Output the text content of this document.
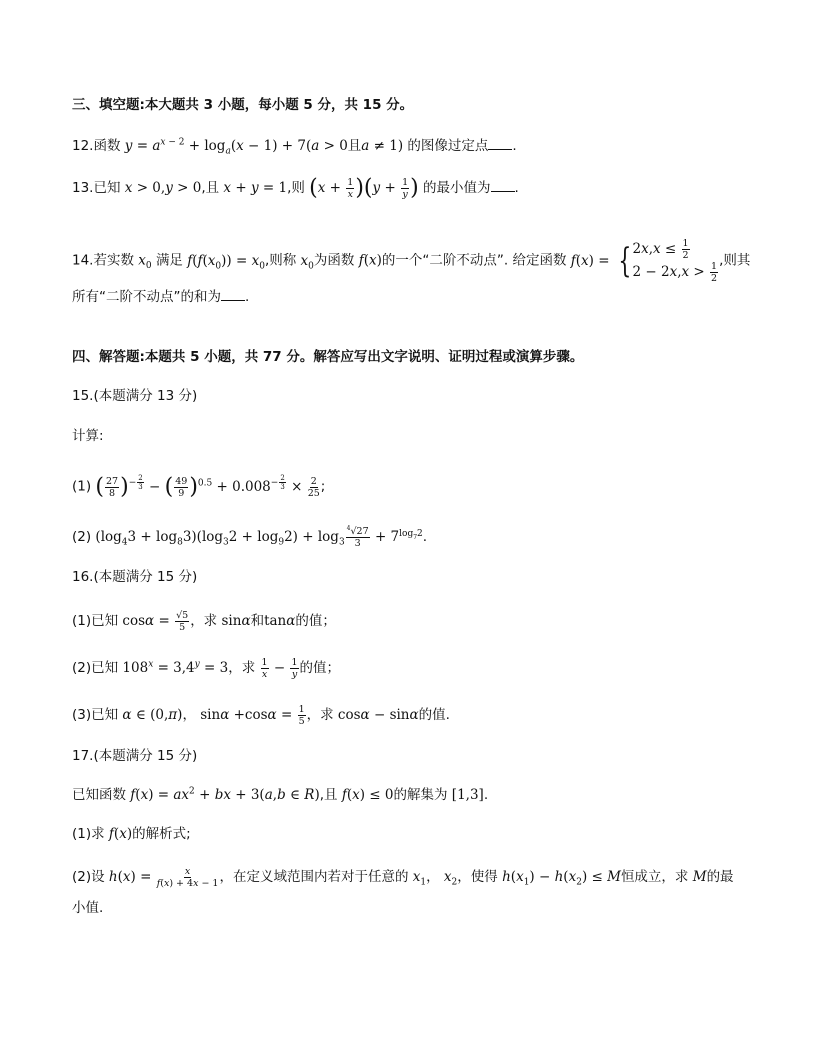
三、填空题:本大题共 3 小题，每小题 5 分，共 15 分。
12.函数 $y = a^{x - 2} + \log_a(x - 1) + 7(a > 0$且a ≠ 1) 的图像过定点 .
13.已知 x > 0,y > 0,且 x + y = 1,则 $(x + \frac{1}{x} )(y + \frac{1}{y}$ ) 的最小值为 .
14.若实数 $x_0$ 满足 $f(f(x_0)) = x_0$,则称 $x_0$为函数 f(x)的一个“二阶不动点”. 给定函数 f(x) = { $2x,x \le \frac{1}{2}$
$2 - 2x,x > \frac{1}{2}$
,则其
所有“二阶不动点”的和为 .
四、解答题:本题共 5 小题，共 77 分。解答应写出文字说明、证明过程或演算步骤。
15.(本题满分 13 分)
计算:
(1) ( $\frac{27}{8} )^{- \frac{2}{3}}$ − ( $\frac{49}{9} )^{0.5} + 0.008^{- \frac{2}{3}} \times \frac{2}{25}$ ;
(2) $(\log_43 + \log_83)(\log_32 + \log_92) + \log_3 \frac{^4√27}{3} + 7^{log_72}$.
16.(本题满分 15 分)
(1)已知 $\cos\alpha = \frac{√5}{5}$ ，求 sinα和tanα的值；
(2)已知 $108^x = 3,4^y = 3$，求 $\frac{1}{x} - \frac{1}{y}$ 的值；
(3)已知 α ∈ (0,π)， $\sin\alpha +\cos\alpha = \frac{1}{5}$ ，求 cosα − sinα的值.
17.(本题满分 15 分)
已知函数 $f(x) = ax^2$ + bx + 3(a,b ∈ R),且 f(x) ≤ 0的解集为 [1,3].
(1)求 f(x)的解析式;
(2)设 $h(x) = \frac{x}{f(x) + 4x - 1}$ ，在定义域范围内若对于任意的 $x_1$， $x_2$，使得 $h(x_1) - h(x_2) \le M$恒成立，求 M的最
小值.
